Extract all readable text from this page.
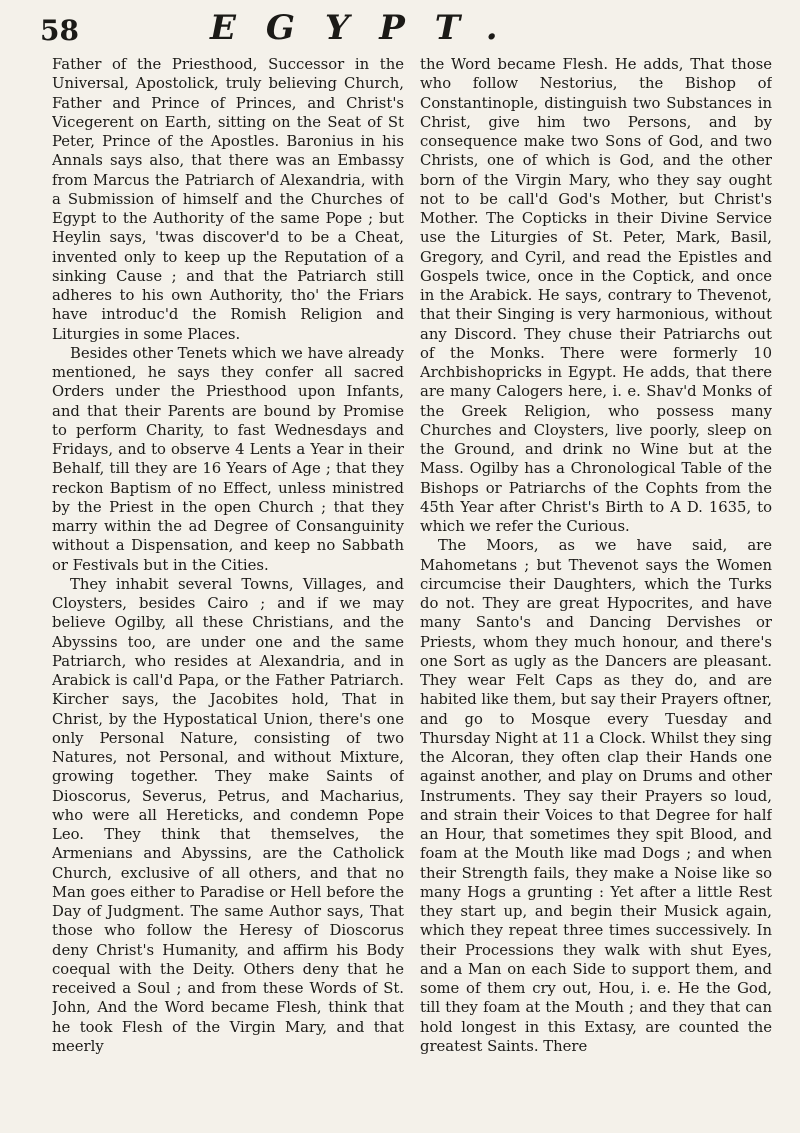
58	EGYPT.

Father of the Priesthood, Successor in the Universal, Apostolick, truly believing Church, Father and Prince of Princes, and Christ's Vicegerent on Earth, sitting on the Seat of St Peter, Prince of the Apostles. Baronius in his Annals says also, that there was an Embassy from Marcus the Patriarch of Alexandria, with a Submission of himself and the Churches of Egypt to the Authority of the same Pope ; but Heylin says, 'twas discover'd to be a Cheat, invented only to keep up the Reputation of a sinking Cause ; and that the Patriarch still adheres to his own Authority, tho' the Friars have introduc'd the Romish Religion and Liturgies in some Places.

Besides other Tenets which we have already mentioned, he says they confer all sacred Orders under the Priesthood upon Infants, and that their Parents are bound by Promise to perform Charity, to fast Wednesdays and Fridays, and to observe 4 Lents a Year in their Behalf, till they are 16 Years of Age ; that they reckon Baptism of no Effect, unless ministred by the Priest in the open Church ; that they marry within the ad Degree of Consanguinity without a Dispensation, and keep no Sabbath or Festivals but in the Cities.

They inhabit several Towns, Villages, and Cloysters, besides Cairo ; and if we may believe Ogilby, all these Christians, and the Abyssins too, are under one and the same Patriarch, who resides at Alexandria, and in Arabick is call'd Papa, or the Father Patriarch. Kircher says, the Jacobites hold, That in Christ, by the Hypostatical Union, there's one only Personal Nature, consisting of two Natures, not Personal, and without Mixture, growing together. They make Saints of Dioscorus, Severus, Petrus, and Macharius, who were all Hereticks, and condemn Pope Leo. They think that themselves, the Armenians and Abyssins, are the Catholick Church, exclusive of all others, and that no Man goes either to Paradise or Hell before the Day of Judgment. The same Author says, That those who follow the Heresy of Dioscorus deny Christ's Humanity, and affirm his Body coequal with the Deity. Others deny that he received a Soul ; and from these Words of St. John, And the Word became Flesh, think that he took Flesh of the Virgin Mary, and that meerly

the Word became Flesh. He adds, That those who follow Nestorius, the Bishop of Constantinople, distinguish two Substances in Christ, give him two Persons, and by consequence make two Sons of God, and two Christs, one of which is God, and the other born of the Virgin Mary, who they say ought not to be call'd God's Mother, but Christ's Mother. The Copticks in their Divine Service use the Liturgies of St. Peter, Mark, Basil, Gregory, and Cyril, and read the Epistles and Gospels twice, once in the Coptick, and once in the Arabick. He says, contrary to Thevenot, that their Singing is very harmonious, without any Discord. They chuse their Patriarchs out of the Monks. There were formerly 10 Archbishopricks in Egypt. He adds, that there are many Calogers here, i. e. Shav'd Monks of the Greek Religion, who possess many Churches and Cloysters, live poorly, sleep on the Ground, and drink no Wine but at the Mass. Ogilby has a Chronological Table of the Bishops or Patriarchs of the Cophts from the 45th Year after Christ's Birth to A D. 1635, to which we refer the Curious.

The Moors, as we have said, are Mahometans ; but Thevenot says the Women circumcise their Daughters, which the Turks do not. They are great Hypocrites, and have many Santo's and Dancing Dervishes or Priests, whom they much honour, and there's one Sort as ugly as the Dancers are pleasant. They wear Felt Caps as they do, and are habited like them, but say their Prayers oftner, and go to Mosque every Tuesday and Thursday Night at 11 a Clock. Whilst they sing the Alcoran, they often clap their Hands one against another, and play on Drums and other Instruments. They say their Prayers so loud, and strain their Voices to that Degree for half an Hour, that sometimes they spit Blood, and foam at the Mouth like mad Dogs ; and when their Strength fails, they make a Noise like so many Hogs a grunting : Yet after a little Rest they start up, and begin their Musick again, which they repeat three times successively. In their Processions they walk with shut Eyes, and a Man on each Side to support them, and some of them cry out, Hou, i. e. He the God, till they foam at the Mouth ; and they that can hold longest in this Extasy, are counted the greatest Saints. There
